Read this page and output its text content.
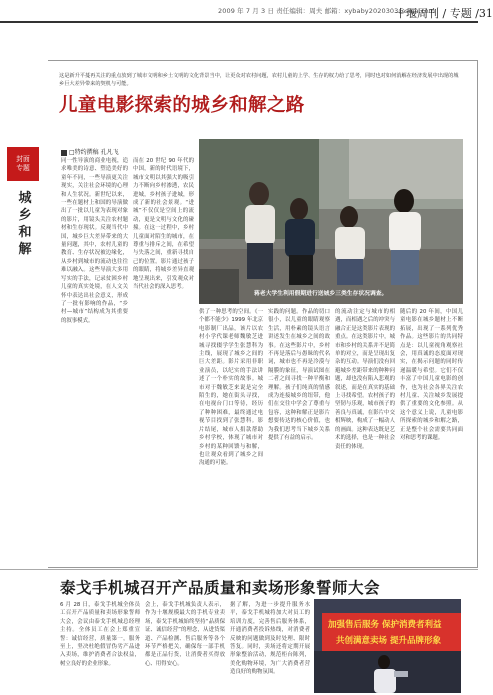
2009 年 7 月 3 日 责任编辑：周夫 邮箱：xybaby2020303@sina.com
十堰周刊 / 专题 /31
封面
专题
城
乡
和
解
这是新升平蔓再关注的重点放到了城市文明和乡土文明的文化背景当中，让更众对农村问题，农村儿童的上学、生存的权力给了思考，同时也对如何消解在经济发展中出现的城乡巨大差异带来的契机与可能。
儿童电影探索的城乡和解之路
□特约撰稿 孔凡飞
蒋老大学生利用假期进行送城乡三类生存状况调查。
同一性导演的商业电视，追求唯美的诗意、塑造美好的童年不同，一些导演更关注现实，关注社会环境的心理和人生状况。新世纪以来，一些在题材上和国的导演做出了一批以儿童为表现对象的影片，用镜头关注农村题材和生存现状。反观当代中国，城乡巨大差异带来的大量问题，其中，农村儿童的教育、生存状况被边缘化，从乡村到城市的流动也往往难以融入。这些导演大多用写实的手法，记录贫困乡村儿童的真实处境，在人文关怀中表达出社会意义，形成了一批有影响的作品，“乡村—城市”结构成为其重要的叙事模式。
而在 20 世纪 90 年代的中国，新的时代语境下，城市文明以其强大的吸引力不断向乡村渗透，农民进城，乡村孩子进城，形成了新的社会景观。“进城”不仅仅是空间上的流动，更是文明与文化的碰撞。在这一过程中，乡村儿童面对陌生的城市，在尊重与排斥之间，在希望与失落之间，重新寻找自己的位置。影片通过孩子的眼睛，将城乡差异直观地呈现出来，引发观众对当代社会的深入思考。
供了一种思考的空间。《一个都不能少》1999 年北京电影制厂出品，该片以农村小学代课老师魏敏芝进城寻找辍学学生张慧科为主线，展现了城乡之间的巨大差距。影片采用非职业演员，以纪实的手法讲述了一个朴实的故事。城市对于魏敏芝来说是完全陌生的，她在街头寻找，在电视台门口等待，经历了种种困难，最终通过电视节目找到了张慧科。影片结尾，城市人捐款帮助乡村学校，体现了城市对乡村的某种回馈与和解，也让观众看到了城乡之间沟通的可能。
实践的问题。作品的切口很小，以儿童的眼睛观察生活，用朴素的镜头语言讲述发生在城乡之间的故事。在这些影片中，乡村不再是落后与愚昧的代名词，城市也不再是冷漠与隔膜的象征，导演试图在二者之间寻找一种平衡和理解。孩子们纯真的情感成为连接城乡的纽带，他们在交往中学会了尊重与包容，这种和解正是影片想要传达的核心价值，也为我们思考当下城乡关系提供了有益的启示。
的流动注定与城市的相遇，而相遇之后的冲突与融合正是这类影片表现的重点。在这类影片中，城市和乡村的关系并不是简单的对立，而是呈现出复杂的互动。导演们没有回避城乡差距带来的种种问题，却也没有陷入悲观的叙述，而是在真实的基础上寻找希望。农村孩子的坚韧与乐观，城市孩子的善良与真诚，在影片中交相辉映，构成了一幅动人的画面。这种表达既是艺术的选择，也是一种社会责任的体现。
随后的 20 年间，中国儿童电影在城乡题材上不断拓展，出现了一系列优秀作品。这些影片的共同特点是：以儿童视角观察社会，用真诚的态度面对现实，在揭示问题的同时传递温暖与希望。它们不仅丰富了中国儿童电影的创作，也为社会各界关注农村儿童、关注城乡发展提供了重要的文化参照。从这个意义上说，儿童电影所探索的城乡和解之路，正是整个社会需要共同面对和思考的课题。
泰戈手机城召开产品质量和卖场形象誓师大会
6 月 28 日，泰戈手机城全体员工召开产品质量和卖场形象誓师大会，会议由泰戈手机城总经理主持。全体员工在会上郑重宣誓：诚信经营，质量第一，服务至上，坚决杜绝假冒伪劣产品进入卖场，维护消费者合法权益，树立良好的企业形象。
会上，泰戈手机城负责人表示，作为十堰规模最大的手机专业卖场，泰戈手机城始终坚持“品质保证、诚信经营”的理念，从进货渠道、产品检测、售后服务等各个环节严格把关，确保每一部手机都是正品行货，让消费者买得放心、用得安心。
据了解，为进一步提升服务水平，泰戈手机城将加大对员工的培训力度，完善售后服务体系，开通消费者投诉热线，对消费者反映的问题做到及时处理、限时答复。同时，卖场还将定期开展形象整治活动，规范柜台陈列，美化购物环境，为广大消费者营造良好的购物氛围。
加强售后服务 保护消费者利益
共创满意卖场 提升品牌形象
